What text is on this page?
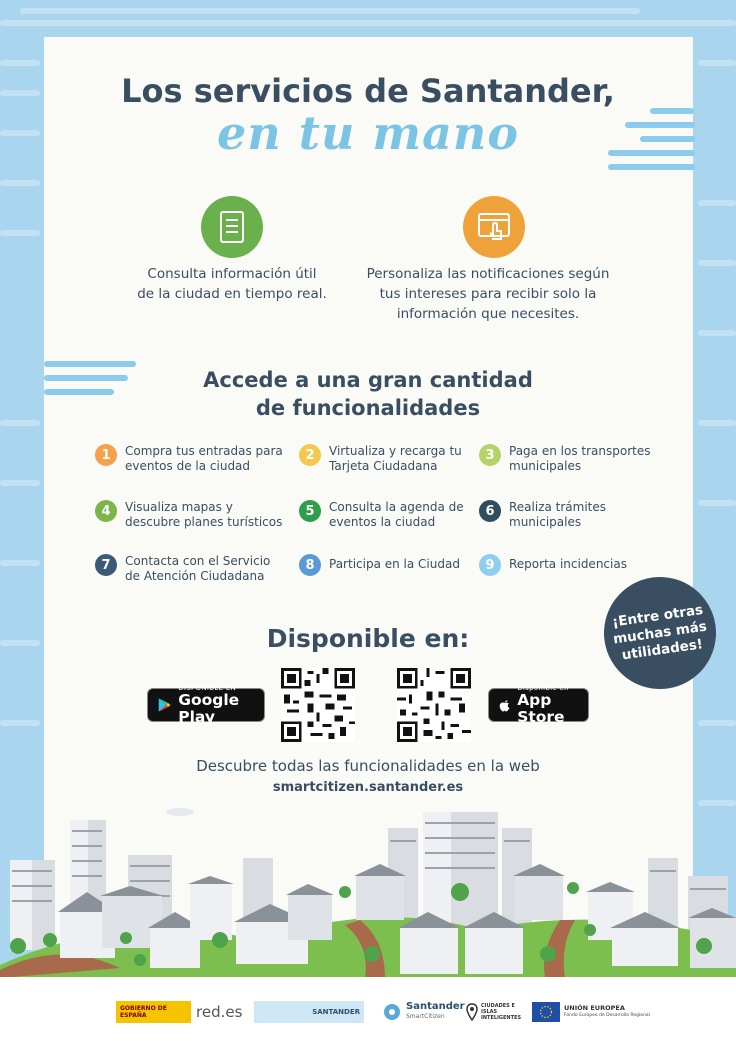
Los servicios de Santander,
en tu mano
Consulta información útil
de la ciudad en tiempo real.
Personaliza las notificaciones según
tus intereses para recibir solo la
información que necesites.
Accede a una gran cantidad
de funcionalidades
1	Compra tus entradas para
eventos de la ciudad
2	Virtualiza y recarga tu
Tarjeta Ciudadana
3	Paga en los transportes
municipales
4	Visualiza mapas y
descubre planes turísticos
5	Consulta la agenda de
eventos la ciudad
6	Realiza trámites
municipales
7	Contacta con el Servicio
de Atención Ciudadana
8	Participa en la Ciudad	9	Reporta incidencias
¡Entre otras
muchas más
utilidades!
Disponible en:
DISPONIBLE EN
Google Play
Disponible en
App Store
Descubre todas las funcionalidades en la web
smartcitizen.santander.es
GOBIERNO DE ESPAÑA	red.es	SANTANDER	Santander
SmartCitizen
CIUDADES E ISLAS INTELIGENTES
UNIÓN EUROPEA
Fondo Europeo de Desarrollo Regional
